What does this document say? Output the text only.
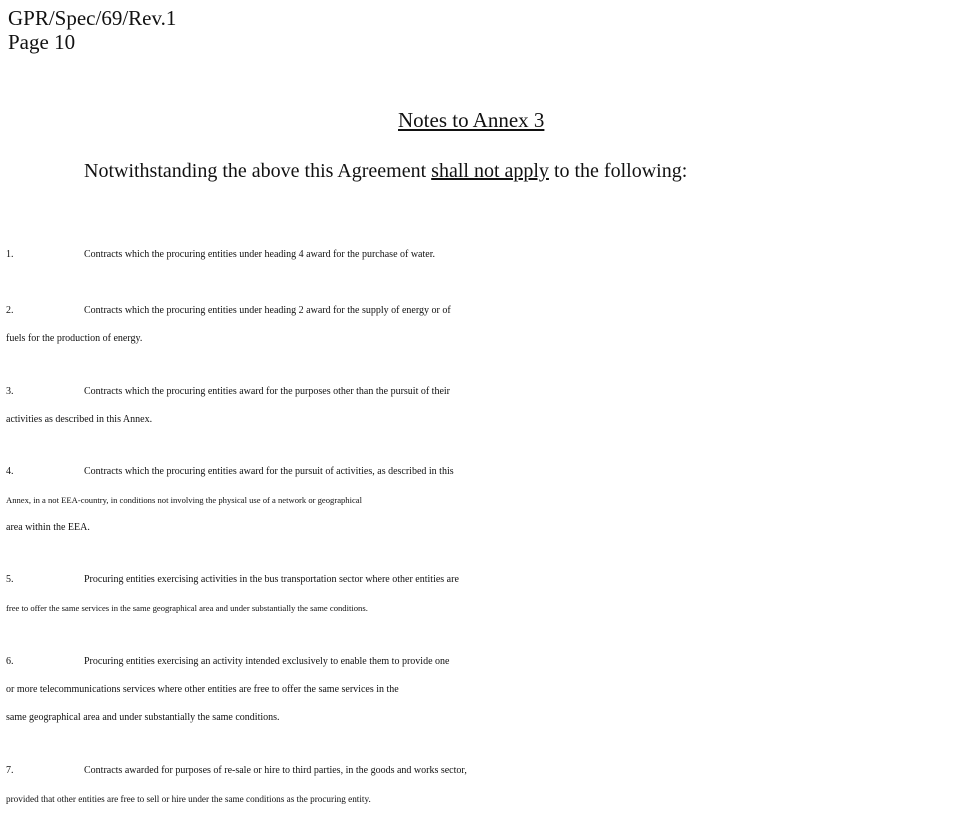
GPR/Spec/69/Rev.1
Page 10
Notes to Annex 3
Notwithstanding the above this Agreement shall not apply to the following:
1.	Contracts which the procuring entities under heading 4 award for the purchase of water.
2.	Contracts which the procuring entities under heading 2 award for the supply of energy or of
fuels for the production of energy.
3.	Contracts which the procuring entities award for the purposes other than the pursuit of their
activities as described in this Annex.
4.	Contracts which the procuring entities award for the pursuit of activities, as described in this
Annex, in a not EEA-country, in conditions not involving the physical use of a network or geographical
area within the EEA.
5.	Procuring entities exercising activities in the bus transportation sector where other entities are
free to offer the same services in the same geographical area and under substantially the same conditions.
6.	Procuring entities exercising an activity intended exclusively to enable them to provide one
or more telecommunications services where other entities are free to offer the same services in the
same geographical area and under substantially the same conditions.
7.	Contracts awarded for purposes of re-sale or hire to third parties, in the goods and works sector,
provided that other entities are free to sell or hire under the same conditions as the procuring entity.
